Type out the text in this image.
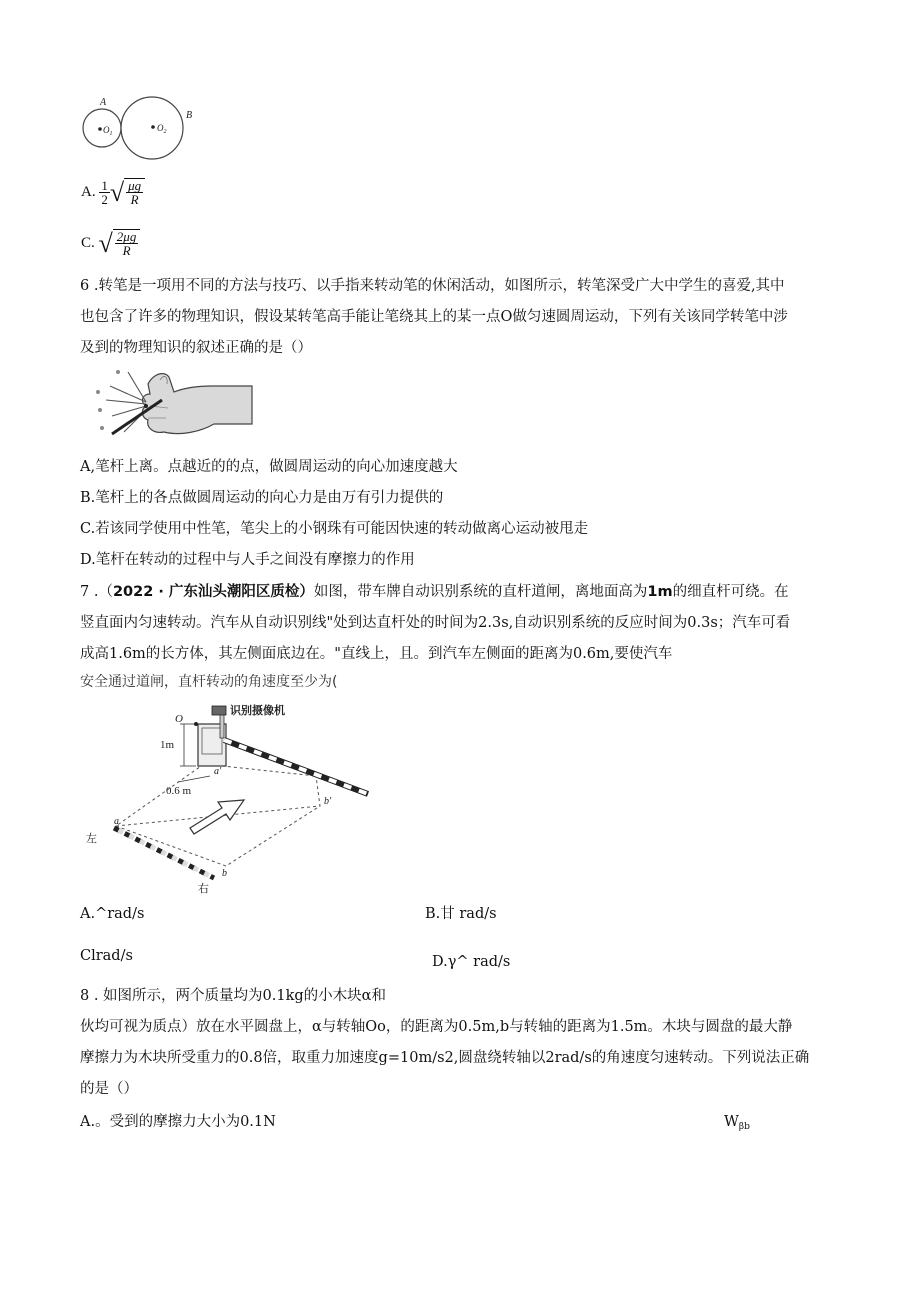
A
B
$O_1$
$O_2$
A. $\frac{1}{2}$ √ $\frac{\mu g}{R}$
C. √ $\frac{2\mu g}{R}$
6 .转笔是一项用不同的方法与技巧、以手指来转动笔的休闲活动，如图所示，转笔深受广大中学生的喜爱,其中
也包含了许多的物理知识，假设某转笔高手能让笔绕其上的某一点O做匀速圆周运动，下列有关该同学转笔中涉
及到的物理知识的叙述正确的是（）
A,笔杆上离。点越近的的点，做圆周运动的向心加速度越大
B.笔杆上的各点做圆周运动的向心力是由万有引力提供的
C.若该同学使用中性笔，笔尖上的小钢珠有可能因快速的转动做离心运动被甩走
D.笔杆在转动的过程中与人手之间没有摩擦力的作用
7 .（2022 · 广东汕头潮阳区质检）如图，带车牌自动识别系统的直杆道闸，离地面高为1m的细直杆可绕。在
竖直面内匀速转动。汽车从自动识别线"处到达直杆处的时间为2.3s,自动识别系统的反应时间为0.3s；汽车可看
成高1.6m的长方体，其左侧面底边在。"直线上，且。到汽车左侧面的距离为0.6m,要使汽车
安全通过道闸，直杆转动的角速度至少为(
识别摄像机
O
1m
a′
0.6 m
a
b′
b
左
右
A.^rad/s	B.甘 rad/s
Clrad/s	D.γ^ rad/s
8 . 如图所示，两个质量均为0.1kg的小木块α和
伙均可视为质点）放在水平圆盘上，α与转轴Oo，的距离为0.5m,b与转轴的距离为1.5m。木块与圆盘的最大静
摩擦力为木块所受重力的0.8倍，取重力加速度g=10m∕s2,圆盘绕转轴以2rad/s的角速度匀速转动。下列说法正确
的是（）
A.。受到的摩擦力大小为0.1N	$W_{\beta b}$
